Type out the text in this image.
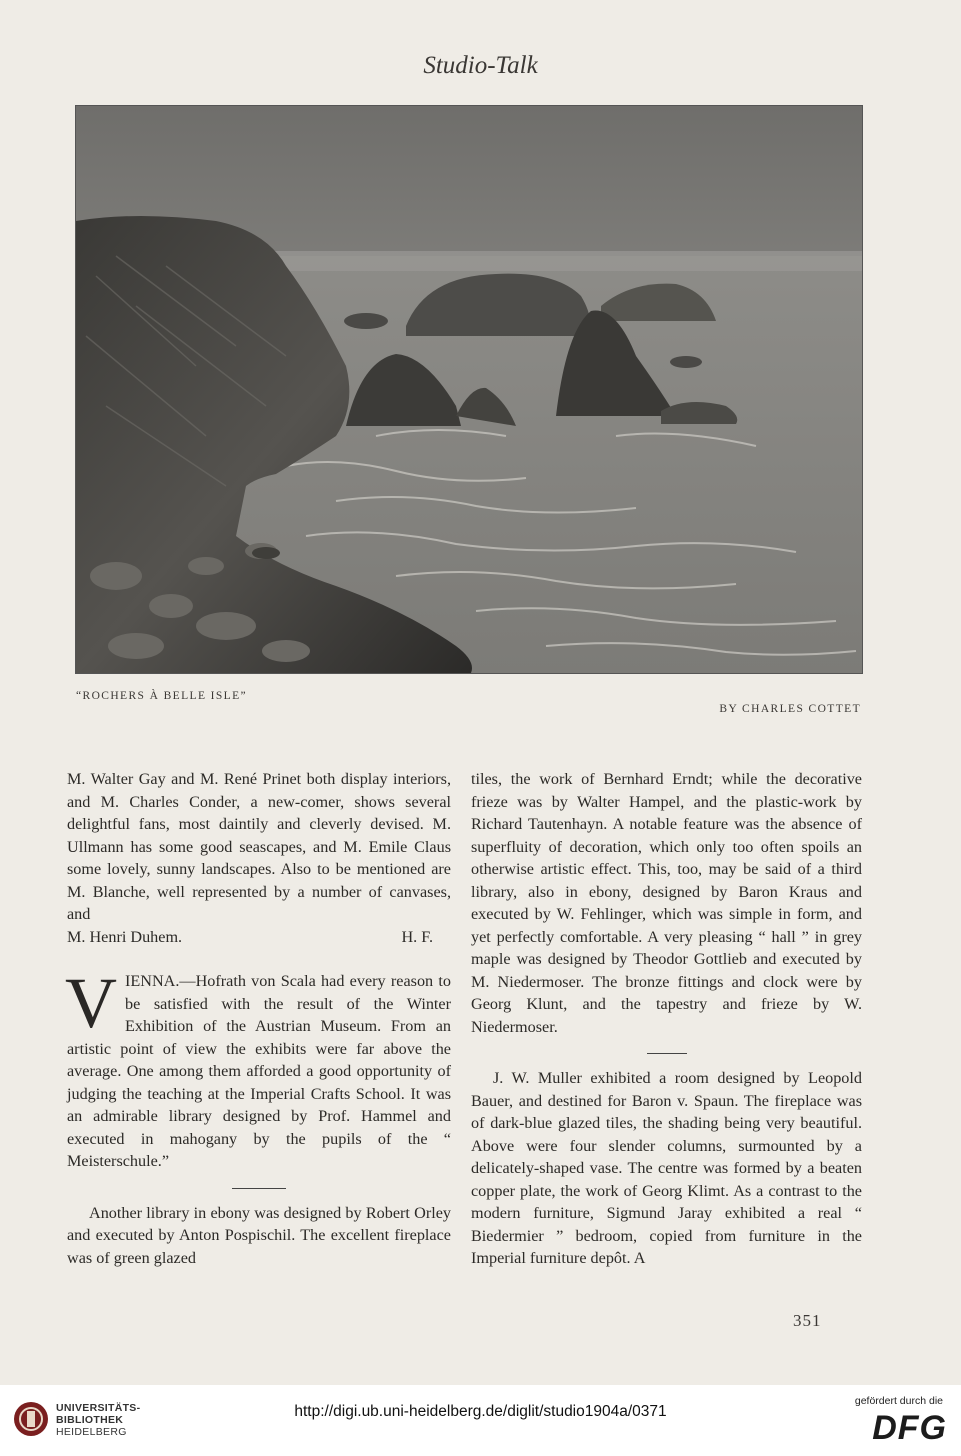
Studio-Talk
“ROCHERS À BELLE ISLE”
BY CHARLES COTTET

M. Walter Gay and M. René Prinet both display interiors, and M. Charles Conder, a new-comer, shows several delightful fans, most daintily and cleverly devised. M. Ullmann has some good seascapes, and M. Emile Claus some lovely, sunny landscapes. Also to be mentioned are M. Blanche, well represented by a number of canvases, and

M. Henri Duhem.	H. F.
V IENNA.—Hofrath von Scala had every reason to be satisfied with the result of the Winter Exhibition of the Austrian Museum. From an artistic point of view the exhibits were far above the average. One among them afforded a good opportunity of judging the teaching at the Imperial Crafts School. It was an admirable library designed by Prof. Hammel and executed in mahogany by the pupils of the “ Meisterschule.”

Another library in ebony was designed by Robert Orley and executed by Anton Pospischil. The excellent fireplace was of green glazed

tiles, the work of Bernhard Erndt; while the decorative frieze was by Walter Hampel, and the plastic-work by Richard Tautenhayn. A notable feature was the absence of superfluity of decoration, which only too often spoils an otherwise artistic effect. This, too, may be said of a third library, also in ebony, designed by Baron Kraus and executed by W. Fehlinger, which was simple in form, and yet perfectly comfortable. A very pleasing “ hall ” in grey maple was designed by Theodor Gottlieb and executed by M. Niedermoser. The bronze fittings and clock were by Georg Klunt, and the tapestry and frieze by W. Niedermoser.

J. W. Muller exhibited a room designed by Leopold Bauer, and destined for Baron v. Spaun. The fireplace was of dark-blue glazed tiles, the shading being very beautiful. Above were four slender columns, surmounted by a delicately-shaped vase. The centre was formed by a beaten copper plate, the work of Georg Klimt. As a contrast to the modern furniture, Sigmund Jaray exhibited a real “ Biedermier ” bedroom, copied from furniture in the Imperial furniture depôt. A

351
UNIVERSITÄTS-
BIBLIOTHEK
HEIDELBERG
http://digi.ub.uni-heidelberg.de/diglit/studio1904a/0371
gefördert durch die
DFG
